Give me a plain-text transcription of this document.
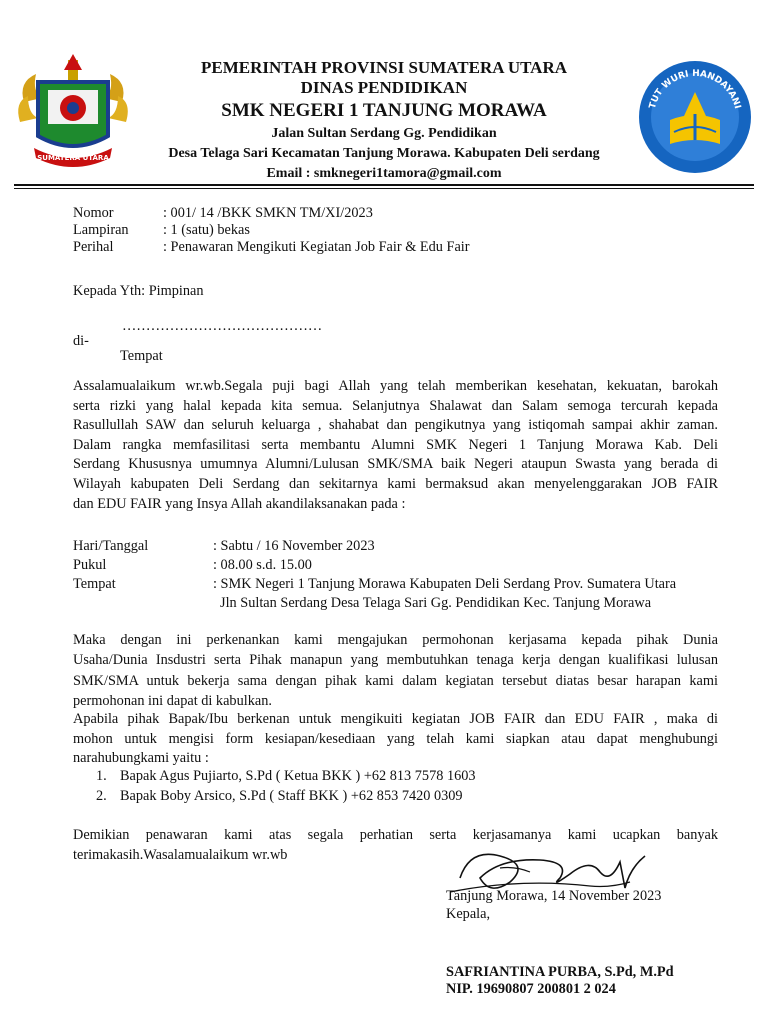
SUMATERA UTARA
TUT WURI HANDAYANI
PEMERINTAH PROVINSI SUMATERA UTARA
DINAS PENDIDIKAN
SMK NEGERI 1 TANJUNG MORAWA
Jalan Sultan Serdang Gg. Pendidikan
Desa Telaga Sari Kecamatan Tanjung Morawa. Kabupaten Deli serdang
Email : smknegeri1tamora@gmail.com
Nomor	: 001/ 14 /BKK SMKN TM/XI/2023
Lampiran : 1 (satu) bekas
Perihal	: Penawaran Mengikuti Kegiatan Job Fair & Edu Fair
Kepada Yth: Pimpinan
……………………………………
di-
Tempat
Assalamualaikum wr.wb.Segala puji bagi Allah yang telah memberikan kesehatan, kekuatan, barokah
serta rizki yang halal kepada kita semua. Selanjutnya Shalawat dan Salam semoga tercurah kepada
Rasullullah SAW dan seluruh keluarga , shahabat dan pengikutnya yang istiqomah sampai akhir zaman.
Dalam rangka memfasilitasi serta membantu Alumni SMK Negeri 1 Tanjung Morawa Kab. Deli
Serdang Khususnya umumnya Alumni/Lulusan SMK/SMA baik Negeri ataupun Swasta yang berada di
Wilayah kabupaten Deli Serdang dan sekitarnya kami bermaksud akan menyelenggarakan JOB FAIR
dan EDU FAIR yang Insya Allah akandilaksanakan pada :
Hari/Tanggal	: Sabtu / 16 November 2023
Pukul	: 08.00 s.d. 15.00
Tempat	: SMK Negeri 1 Tanjung Morawa Kabupaten Deli Serdang Prov. Sumatera Utara
Jln Sultan Serdang Desa Telaga Sari Gg. Pendidikan Kec. Tanjung Morawa
Maka dengan ini perkenankan kami mengajukan permohonan kerjasama kepada pihak Dunia
Usaha/Dunia Insdustri serta Pihak manapun yang membutuhkan tenaga kerja dengan kualifikasi lulusan
SMK/SMA untuk bekerja sama dengan pihak kami dalam kegiatan tersebut diatas besar harapan kami
permohonan ini dapat di kabulkan.
Apabila pihak Bapak/Ibu berkenan untuk mengikuiti kegiatan JOB FAIR dan EDU FAIR , maka di
mohon untuk mengisi form kesiapan/kesediaan yang telah kami siapkan atau dapat menghubungi
narahubungkami yaitu :
1. Bapak Agus Pujiarto, S.Pd ( Ketua BKK ) +62 813 7578 1603
2. Bapak Boby Arsico, S.Pd ( Staff BKK ) +62 853 7420 0309
Demikian penawaran kami atas segala perhatian serta kerjasamanya kami ucapkan banyak
terimakasih.Wasalamualaikum wr.wb
Tanjung Morawa, 14 November 2023
Kepala,
SAFRIANTINA PURBA, S.Pd, M.Pd
NIP. 19690807 200801 2 024
